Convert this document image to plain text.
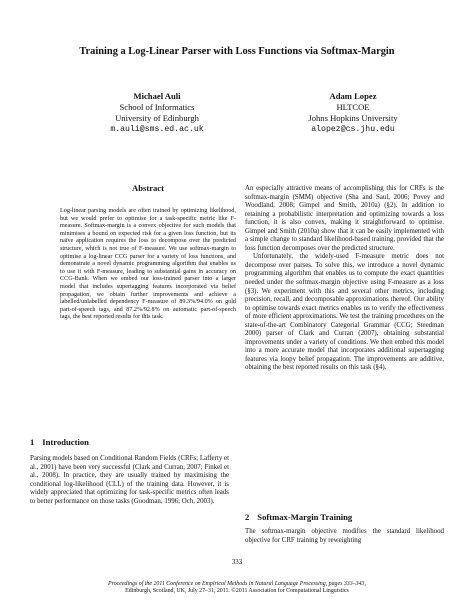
Training a Log-Linear Parser with Loss Functions via Softmax-Margin
Michael Auli
School of Informatics
University of Edinburgh
m.auli@sms.ed.ac.uk
Adam Lopez
HLTCOE
Johns Hopkins University
alopez@cs.jhu.edu
Abstract
Log-linear parsing models are often trained by optimizing likelihood, but we would prefer to optimise for a task-specific metric like F-measure. Softmax-margin is a convex objective for such models that minimises a bound on expected risk for a given loss function, but its naïve application requires the loss to decompose over the predicted structure, which is not true of F-measure. We use softmax-margin to optimise a log-linear CCG parser for a variety of loss functions, and demonstrate a novel dynamic programming algorithm that enables us to use it with F-measure, leading to substantial gains in accuracy on CCG-Bank. When we embed our loss-trained parser into a larger model that includes supertagging features incorporated via belief propagation, we obtain further improvements and achieve a labelled/unlabelled dependency F-measure of 89.3%/94.0% on gold part-of-speech tags, and 87.2%/92.8% on automatic part-of-speech tags, the best reported results for this task.
1 Introduction

Parsing models based on Conditional Random Fields (CRFs; Lafferty et al., 2001) have been very successful (Clark and Curran, 2007; Finkel et al., 2008). In practice, they are usually trained by maximising the conditional log-likelihood (CLL) of the training data. However, it is widely appreciated that optimizing for task-specific metrics often leads to better performance on those tasks (Goodman, 1996; Och, 2003).

An especially attractive means of accomplishing this for CRFs is the softmax-margin (SMM) objective (Sha and Saul, 2006; Povey and Woodland, 2008; Gimpel and Smith, 2010a) (§2). In addition to retaining a probabilistic interpretation and optimizing towards a loss function, it is also convex, making it straightforward to optimise. Gimpel and Smith (2010a) show that it can be easily implemented with a simple change to standard likelihood-based training, provided that the loss function decomposes over the predicted structure.

Unfortunately, the widely-used F-measure metric does not decompose over parses. To solve this, we introduce a novel dynamic programming algorithm that enables us to compute the exact quantities needed under the softmax-margin objective using F-measure as a loss (§3). We experiment with this and several other metrics, including precision, recall, and decomposable approximations thereof. Our ability to optimise towards exact metrics enables us to verify the effectiveness of more efficient approximations. We test the training procedures on the state-of-the-art Combinatory Categorial Grammar (CCG; Steedman 2000) parser of Clark and Curran (2007), obtaining substantial improvements under a variety of conditions. We then embed this model into a more accurate model that incorporates additional supertagging features via loopy belief propagation. The improvements are additive, obtaining the best reported results on this task (§4).

2 Softmax-Margin Training

The softmax-margin objective modifies the standard likelihood objective for CRF training by reweighting

333
Proceedings of the 2011 Conference on Empirical Methods in Natural Language Processing, pages 333–343,
Edinburgh, Scotland, UK, July 27–31, 2011. ©2011 Association for Computational Linguistics
